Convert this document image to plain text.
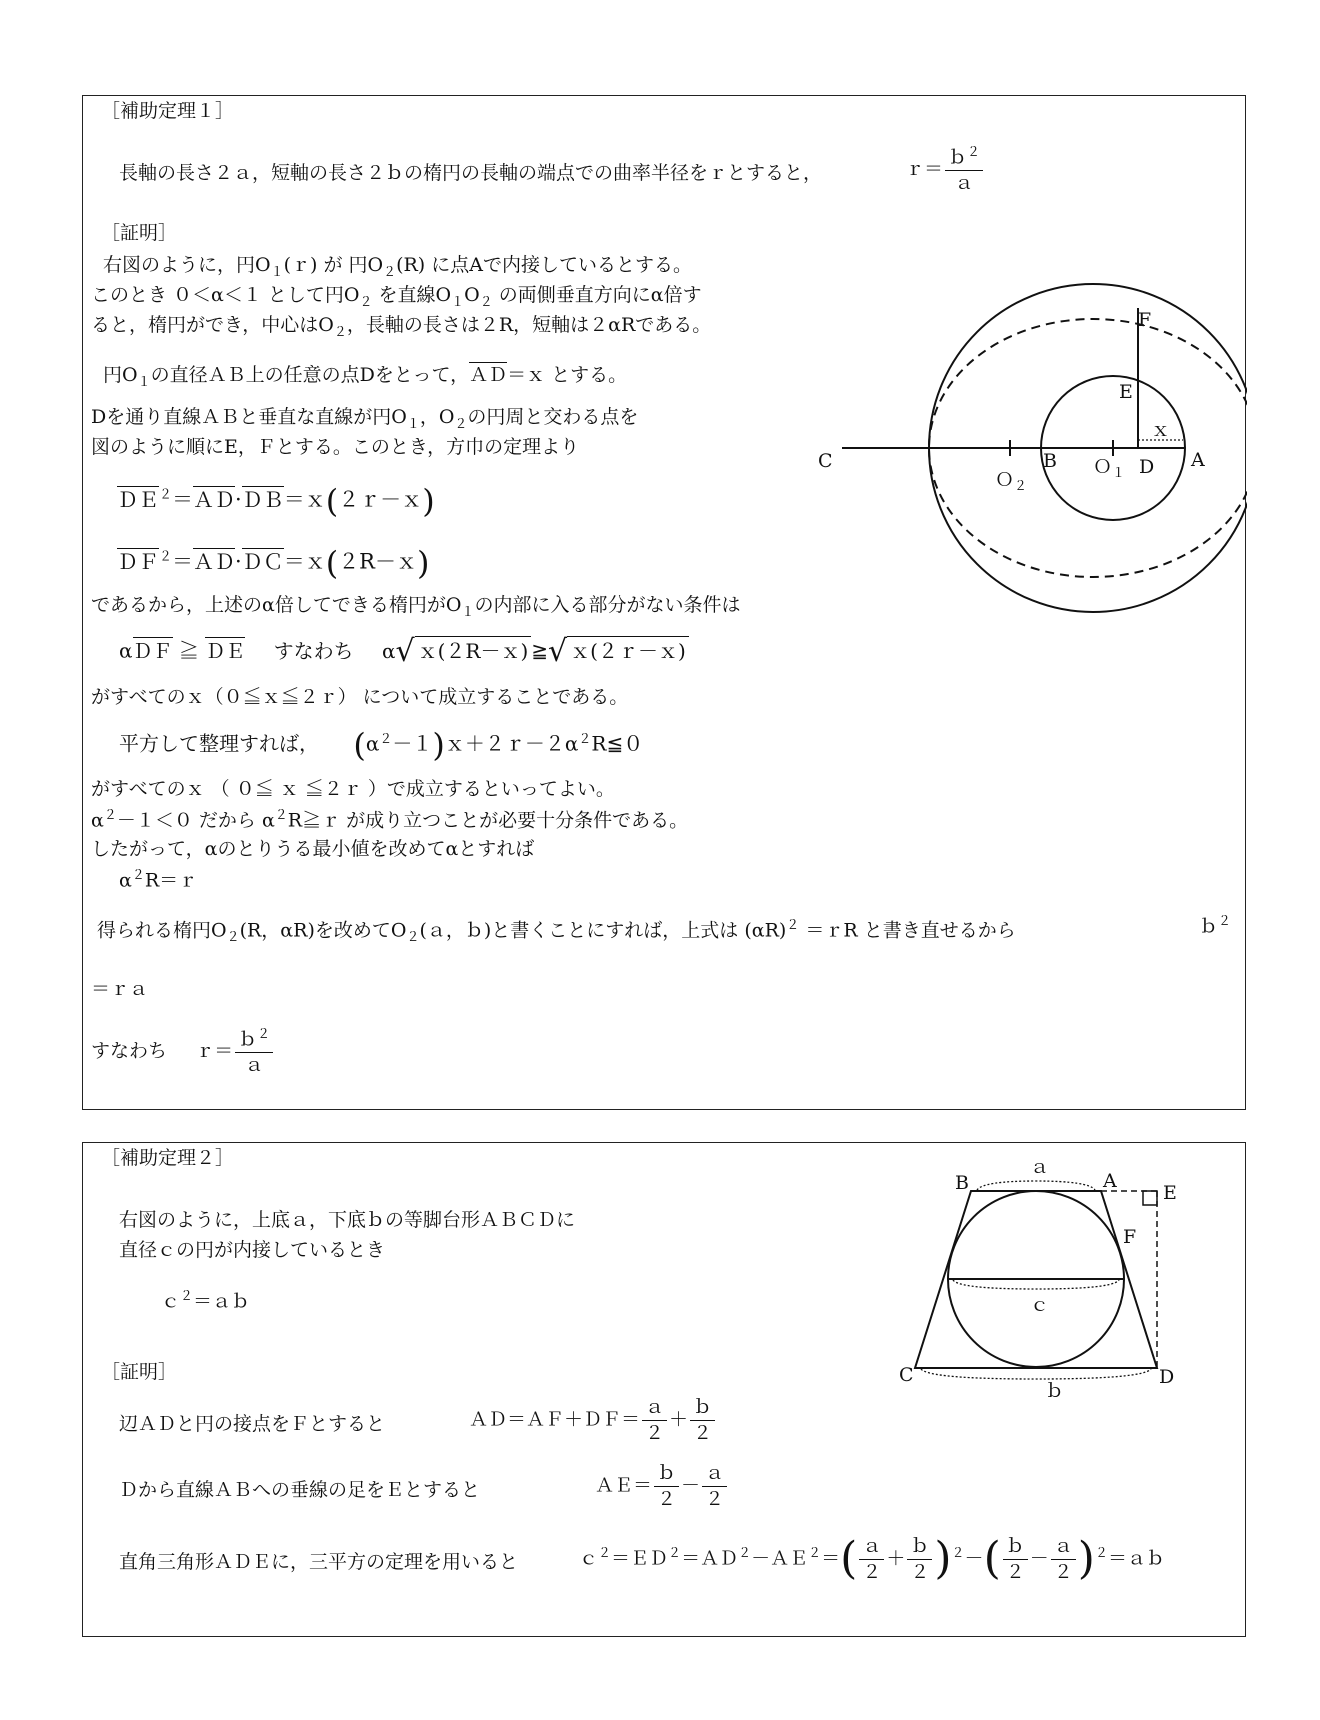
［補助定理１］
長軸の長さ２ａ，短軸の長さ２ｂの楕円の長軸の端点での曲率半径をｒとすると，	ｒ＝ $\frac{b^2}{\text{ａ}}$
［証明］
右図のように，円$O_1(r)$ が 円$O_2(R)$ に点Aで内接しているとする。
このとき ０＜α＜１ として円$O_2$ を直線$O_1O_2$ の両側垂直方向にα倍す
ると，楕円ができ，中心は$O_2$，長軸の長さは２R，短軸は２αRである。
円$O_1$の直径ＡＢ上の任意の点Dをとって，ＡＤ＝ｘ とする。
Dを通り直線ＡＢと垂直な直線が円$O_1$，$O_2$の円周と交わる点を
図のように順にE，Ｆとする。このとき，方巾の定理より
ＤＥ$^2$＝ＡＤ·ＤＢ＝ｘ(２ｒ－ｘ)
ＤＦ$^2$＝ＡＤ·ＤＣ＝ｘ(２R－ｘ)
であるから，上述のα倍してできる楕円が$O_1$の内部に入る部分がない条件は
αＤＦ ≧ ＤＥ すなわち α√ ｘ(２R－ｘ) ≧√ ｘ(２ｒ－ｘ)
がすべてのｘ（０≦ｘ≦２ｒ） について成立することである。
平方して整理すれば， $(\alpha^2-1)x+2r-2\alpha^2R≦0$
がすべてのｘ （ ０≦ ｘ ≦２ｒ ）で成立するといってよい。
$\alpha^2-1<0$ だから $\alpha^2R≧r$ が成り立つことが必要十分条件である。
したがって，αのとりうる最小値を改めてαとすれば
$\alpha^2R=r$
得られる楕円$O_2(R$，αR)を改めて$O_2(a$，ｂ)と書くことにすれば，上式は $(\alpha R)^2$ ＝ｒR と書き直せるから	ｂ$^2$
＝ｒａ
すなわち ｒ＝ $\frac{b^2}{\text{ａ}}$
C
Ｏ$_2$
B Ｏ$_1$ D A
E
F
ｘ
［補助定理２］
右図のように，上底ａ，下底ｂの等脚台形ＡＢＣＤに
直径ｃの円が内接しているとき
ｃ$^2$＝ａｂ
［証明］
辺ＡＤと円の接点をＦとすると	ＡＤ＝ＡＦ＋ＤＦ＝ $\frac{\text{ａ}}{2} + \frac{\text{ｂ}}{2}$
Ｄから直線ＡＢへの垂線の足をＥとすると	ＡＥ＝ $\frac{\text{ｂ}}{2} - \frac{\text{ａ}}{2}$
直角三角形ＡＤＥに，三平方の定理を用いると	ｃ$^2$＝ＥＤ$^2$＝ＡＤ$^2$－ＡＥ$^2$＝( $\frac{\text{ａ}}{2} + \frac{\text{ｂ}}{2} )^2-( \frac{\text{ｂ}}{2} - \frac{\text{ａ}}{2}$ )$^2=ab$
B
ａ
A
E
F
ｃ
C
ｂ
D
